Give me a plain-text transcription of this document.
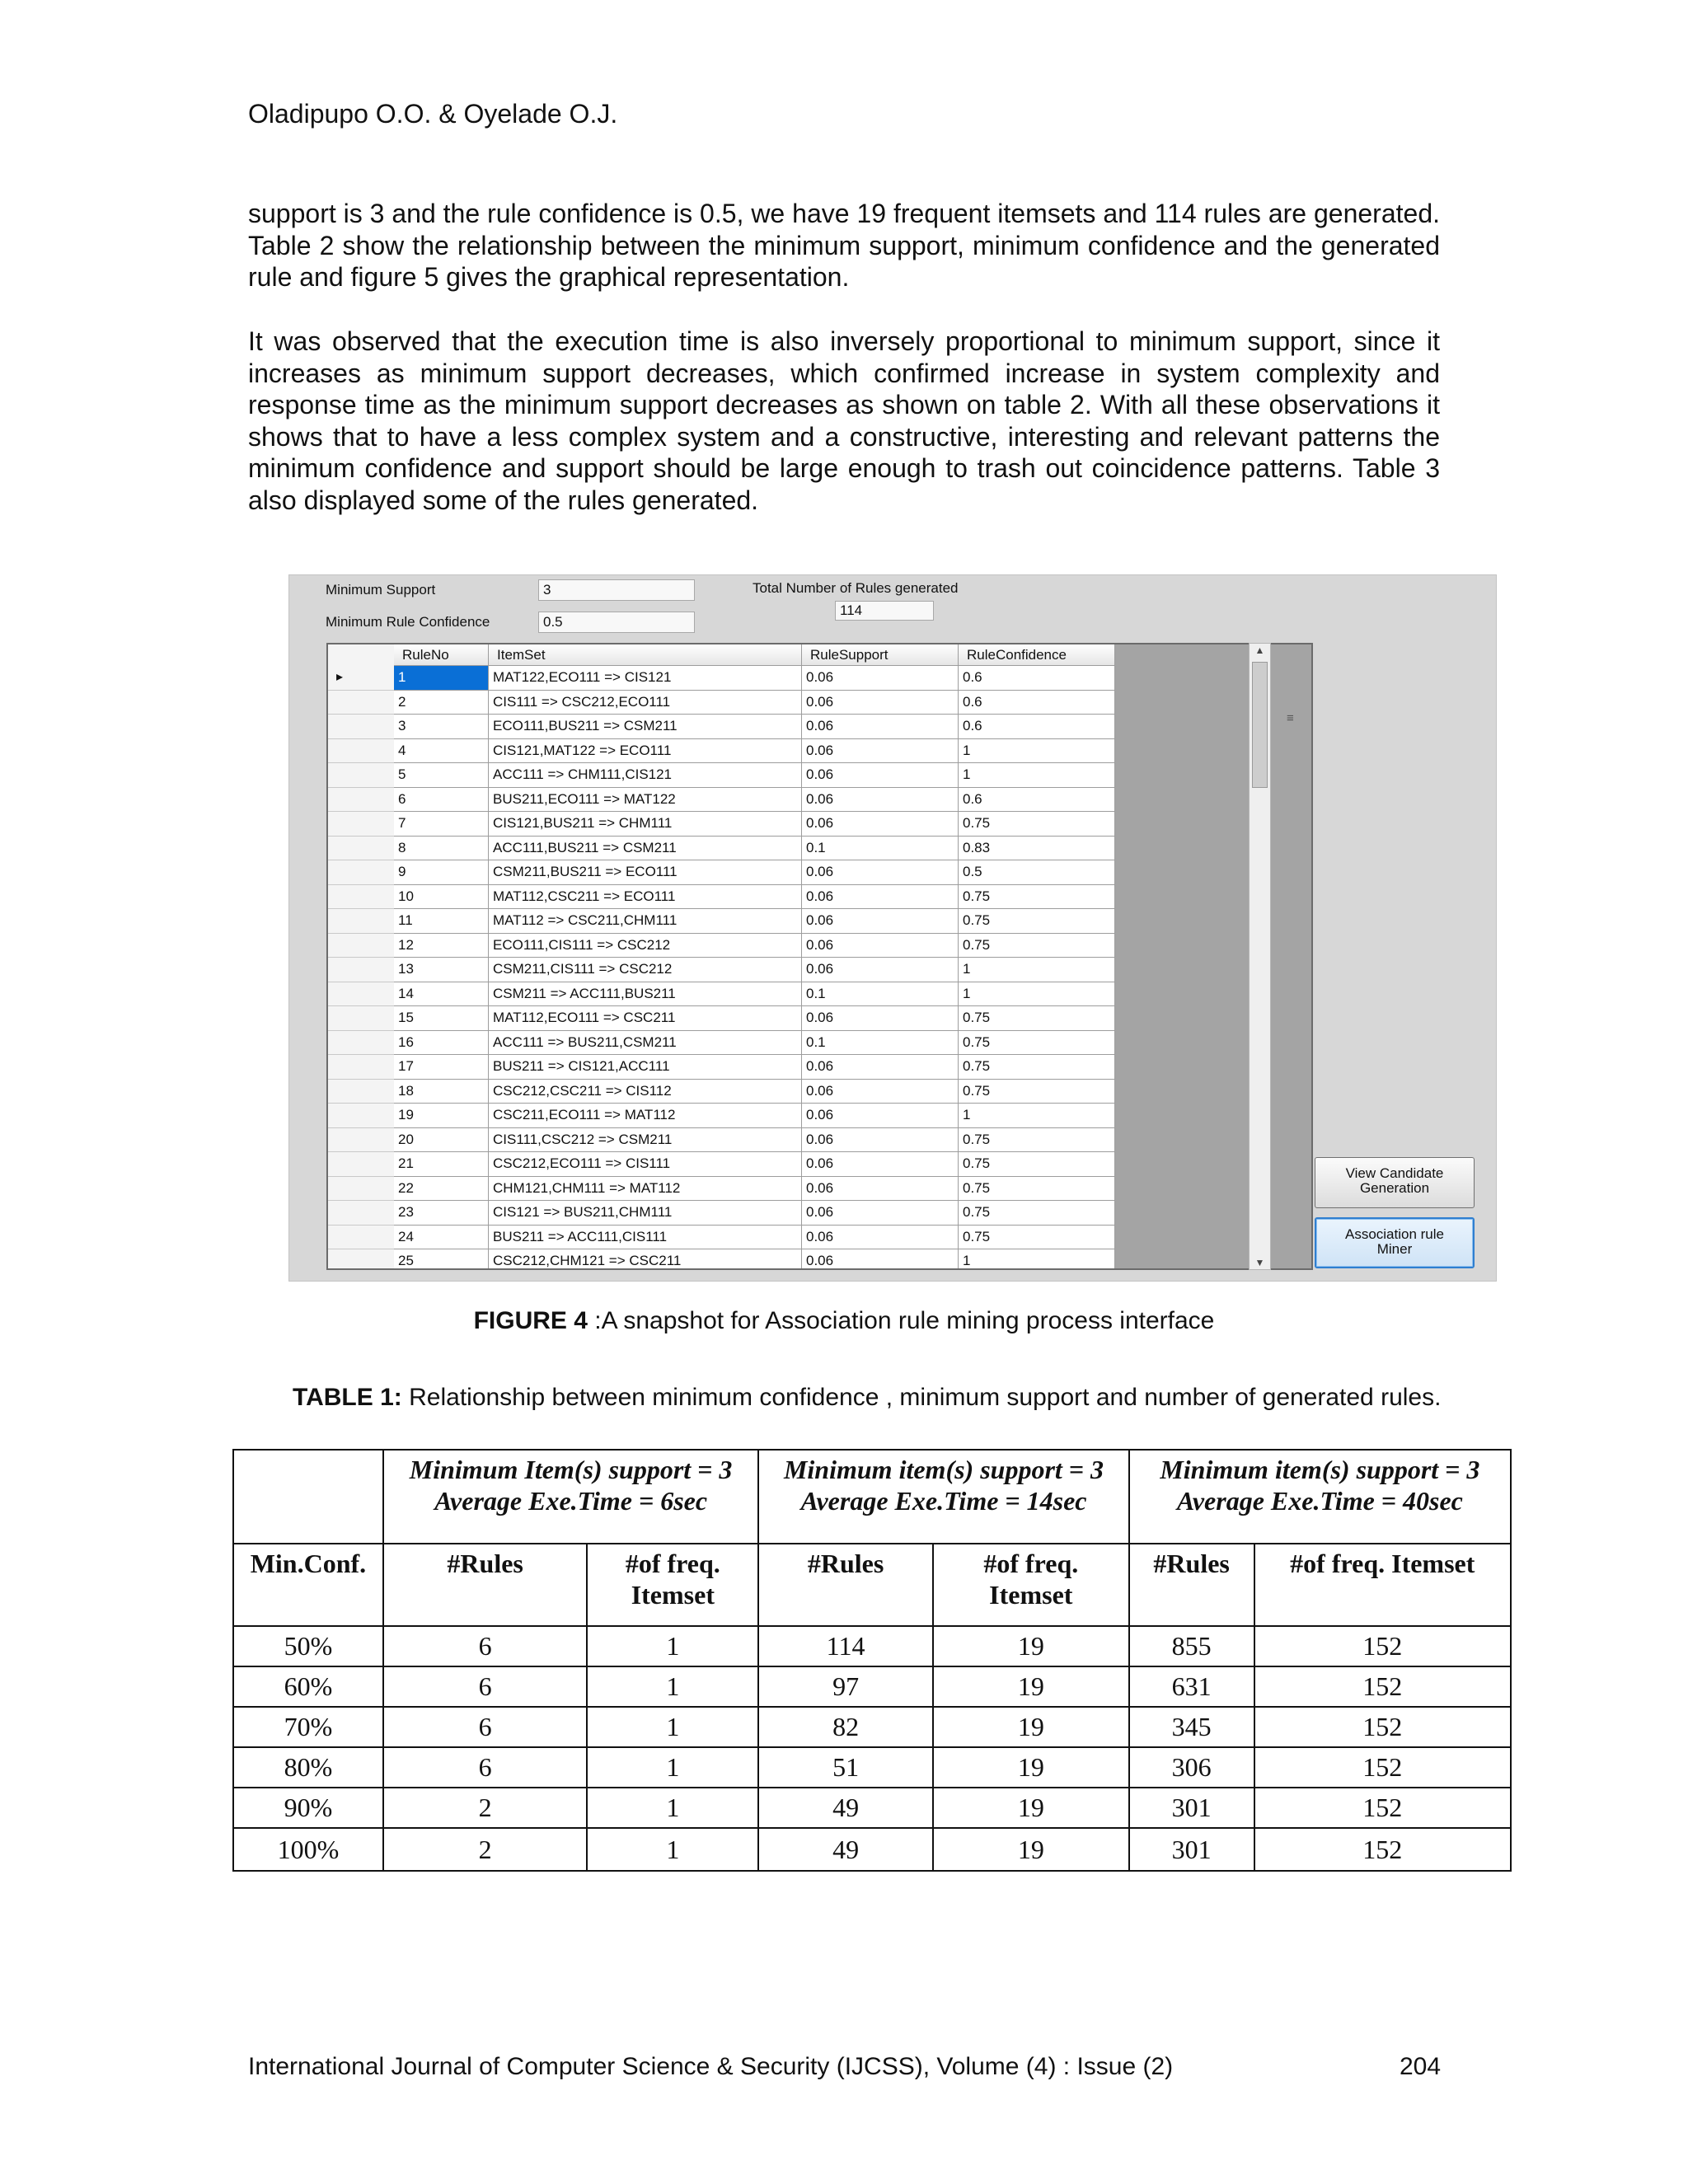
Oladipupo O.O. & Oyelade O.J.

support is 3 and the rule confidence is 0.5, we have 19 frequent itemsets and 114 rules are generated. Table 2 show the relationship between the minimum support, minimum confidence and the generated rule and figure 5 gives the graphical representation.

It was observed that the execution time is also inversely proportional to minimum support, since it increases as minimum support decreases, which confirmed increase in system complexity and response time as the minimum support decreases as shown on table 2. With all these observations it shows that to have a less complex system and a constructive, interesting and relevant patterns the minimum confidence and support should be large enough to trash out coincidence patterns. Table 3 also displayed some of the rules generated.

Minimum Support	3
Minimum Rule Confidence	0.5
Total Number of Rules generated
114
RuleNo	ItemSet	RuleSupport	RuleConfidence
▸	1	MAT122,ECO111 => CIS121	0.06	0.6
2	CIS111 => CSC212,ECO111	0.06	0.6
3	ECO111,BUS211 => CSM211	0.06	0.6
4	CIS121,MAT122 => ECO111	0.06	1
5	ACC111 => CHM111,CIS121	0.06	1
6	BUS211,ECO111 => MAT122	0.06	0.6
7	CIS121,BUS211 => CHM111	0.06	0.75
8	ACC111,BUS211 => CSM211	0.1	0.83
9	CSM211,BUS211 => ECO111	0.06	0.5
10	MAT112,CSC211 => ECO111	0.06	0.75
11	MAT112 => CSC211,CHM111	0.06	0.75
12	ECO111,CIS111 => CSC212	0.06	0.75
13	CSM211,CIS111 => CSC212	0.06	1
14	CSM211 => ACC111,BUS211	0.1	1
15	MAT112,ECO111 => CSC211	0.06	0.75
16	ACC111 => BUS211,CSM211	0.1	0.75
17	BUS211 => CIS121,ACC111	0.06	0.75
18	CSC212,CSC211 => CIS112	0.06	0.75
19	CSC211,ECO111 => MAT112	0.06	1
20	CIS111,CSC212 => CSM211	0.06	0.75
21	CSC212,ECO111 => CIS111	0.06	0.75
22	CHM121,CHM111 => MAT112	0.06	0.75
23	CIS121 => BUS211,CHM111	0.06	0.75
24	BUS211 => ACC111,CIS111	0.06	0.75
25	CSC212,CHM121 => CSC211	0.06	1
▲
▼
≡
View Candidate
Generation
Association rule
Miner
FIGURE 4 :A snapshot for Association rule mining process interface
TABLE 1: Relationship between minimum confidence , minimum support and number of generated rules.
	Minimum Item(s) support = 3
Average Exe.Time = 6sec		Minimum item(s) support = 3
Average Exe.Time = 14sec		Minimum item(s) support = 3
Average Exe.Time = 40sec	
Min.Conf.	#Rules	#of freq. Itemset	#Rules	#of freq. Itemset	#Rules	#of freq. Itemset
50%	6	1	114	19	855	152
60%	6	1	97	19	631	152
70%	6	1	82	19	345	152
80%	6	1	51	19	306	152
90%	2	1	49	19	301	152
100%	2	1	49	19	301	152
International Journal of Computer Science & Security (IJCSS), Volume (4) : Issue (2)	204
